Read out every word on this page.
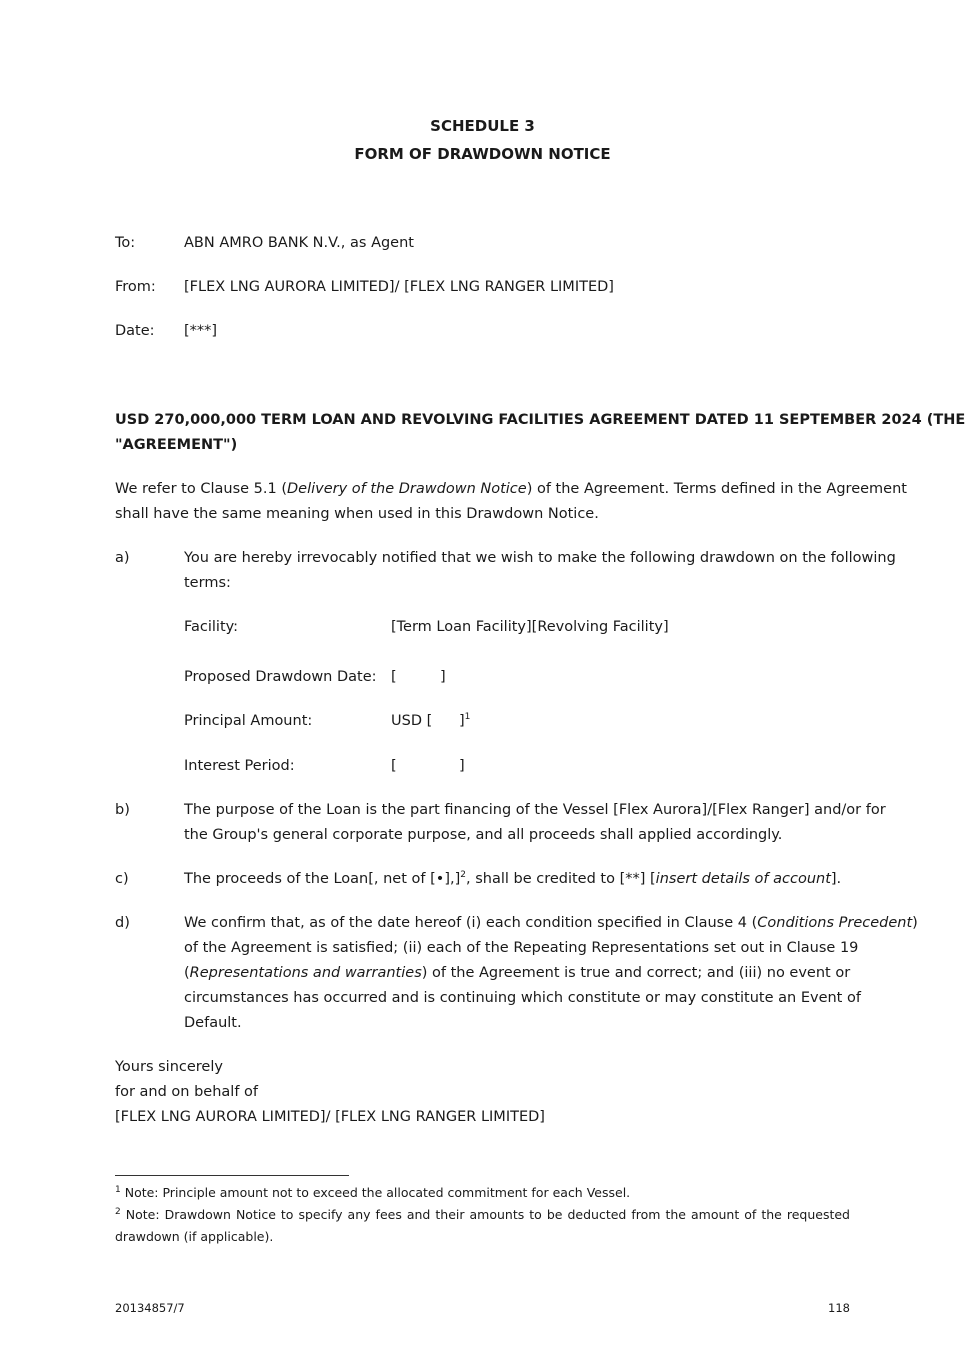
SCHEDULE 3
FORM OF DRAWDOWN NOTICE
To:	ABN AMRO BANK N.V., as Agent
From: [FLEX LNG AURORA LIMITED]/ [FLEX LNG RANGER LIMITED]
Date: [***]
USD 270,000,000 TERM LOAN AND REVOLVING FACILITIES AGREEMENT DATED 11 SEPTEMBER 2024 (THE
"AGREEMENT")
We refer to Clause 5.1 (Delivery of the Drawdown Notice) of the Agreement. Terms defined in the Agreement
shall have the same meaning when used in this Drawdown Notice.
a)	You are hereby irrevocably notified that we wish to make the following drawdown on the following
terms:
Facility:	[Term Loan Facility][Revolving Facility]
Proposed Drawdown Date: [	]
Principal Amount:	USD [ ]$^1$
Interest Period:	[	]
b)	The purpose of the Loan is the part financing of the Vessel [Flex Aurora]/[Flex Ranger] and/or for
the Group's general corporate purpose, and all proceeds shall applied accordingly.
c)	The proceeds of the Loan[, net of [•],]$^2$, shall be credited to [**] [insert details of account].
d)	We confirm that, as of the date hereof (i) each condition specified in Clause 4 (Conditions Precedent)
of the Agreement is satisfied; (ii) each of the Repeating Representations set out in Clause 19
(Representations and warranties) of the Agreement is true and correct; and (iii) no event or
circumstances has occurred and is continuing which constitute or may constitute an Event of
Default.
Yours sincerely
for and on behalf of
[FLEX LNG AURORA LIMITED]/ [FLEX LNG RANGER LIMITED]
$^1$ Note: Principle amount not to exceed the allocated commitment for each Vessel.
$^2$ Note: Drawdown Notice to specify any fees and their amounts to be deducted from the amount of the requested
drawdown (if applicable).
20134857/7	118
